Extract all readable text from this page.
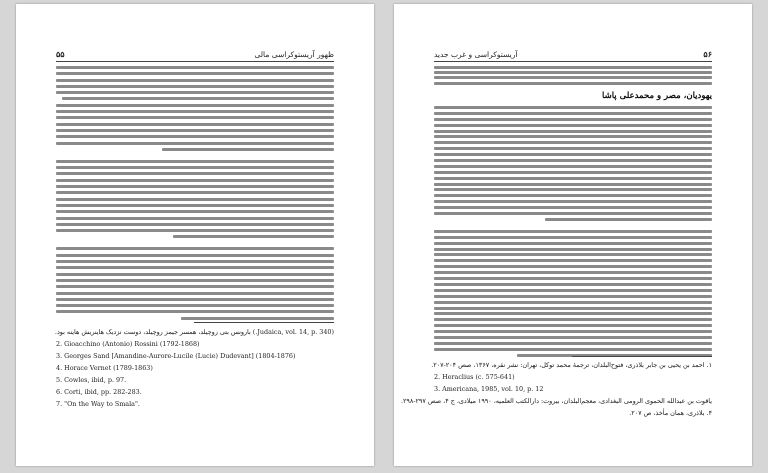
۵۵	ظهور آریستوکراسی مالی
(Judaica, vol. 14, p. 340.) بارونس بتی روچیلد، همسر جیمز روچیلد، دوست نزدیک هاینریش هاینه بود.
2. Gioacchino (Antonio) Rossini (1792-1868)
3. Georges Sand [Amandine-Aurore-Lucile (Lucie) Dudevant] (1804-1876)
4. Horace Vernet (1789-1863)
5. Cowles, ibid, p. 97.
6. Corti, ibid, pp. 282-283.
7. "On the Way to Smala".
۵۶
آریستوکراسی و غرب جدید
یهودیان، مصر و محمدعلی پاشا
۱. احمد بن یحیی بن جابر بلاذری، فتوح‌البلدان، ترجمهٔ محمد توکل، تهران: نشر نقره، ۱۳۶۷، صص ۲۰۴-۲۰۷.
2. Heraclius (c. 575-641)
3. Americana, 1985, vol. 10, p. 12
یاقوت بن عبدالله الحموی الرومی البغدادی، معجم‌البلدان، بیروت: دارالکتب العلمیه، ۱۹۹۰ میلادی، ج ۴، صص ۲۹۷-۲۹۸.
۴. بلاذری، همان مأخذ، ص ۲۰۷.
